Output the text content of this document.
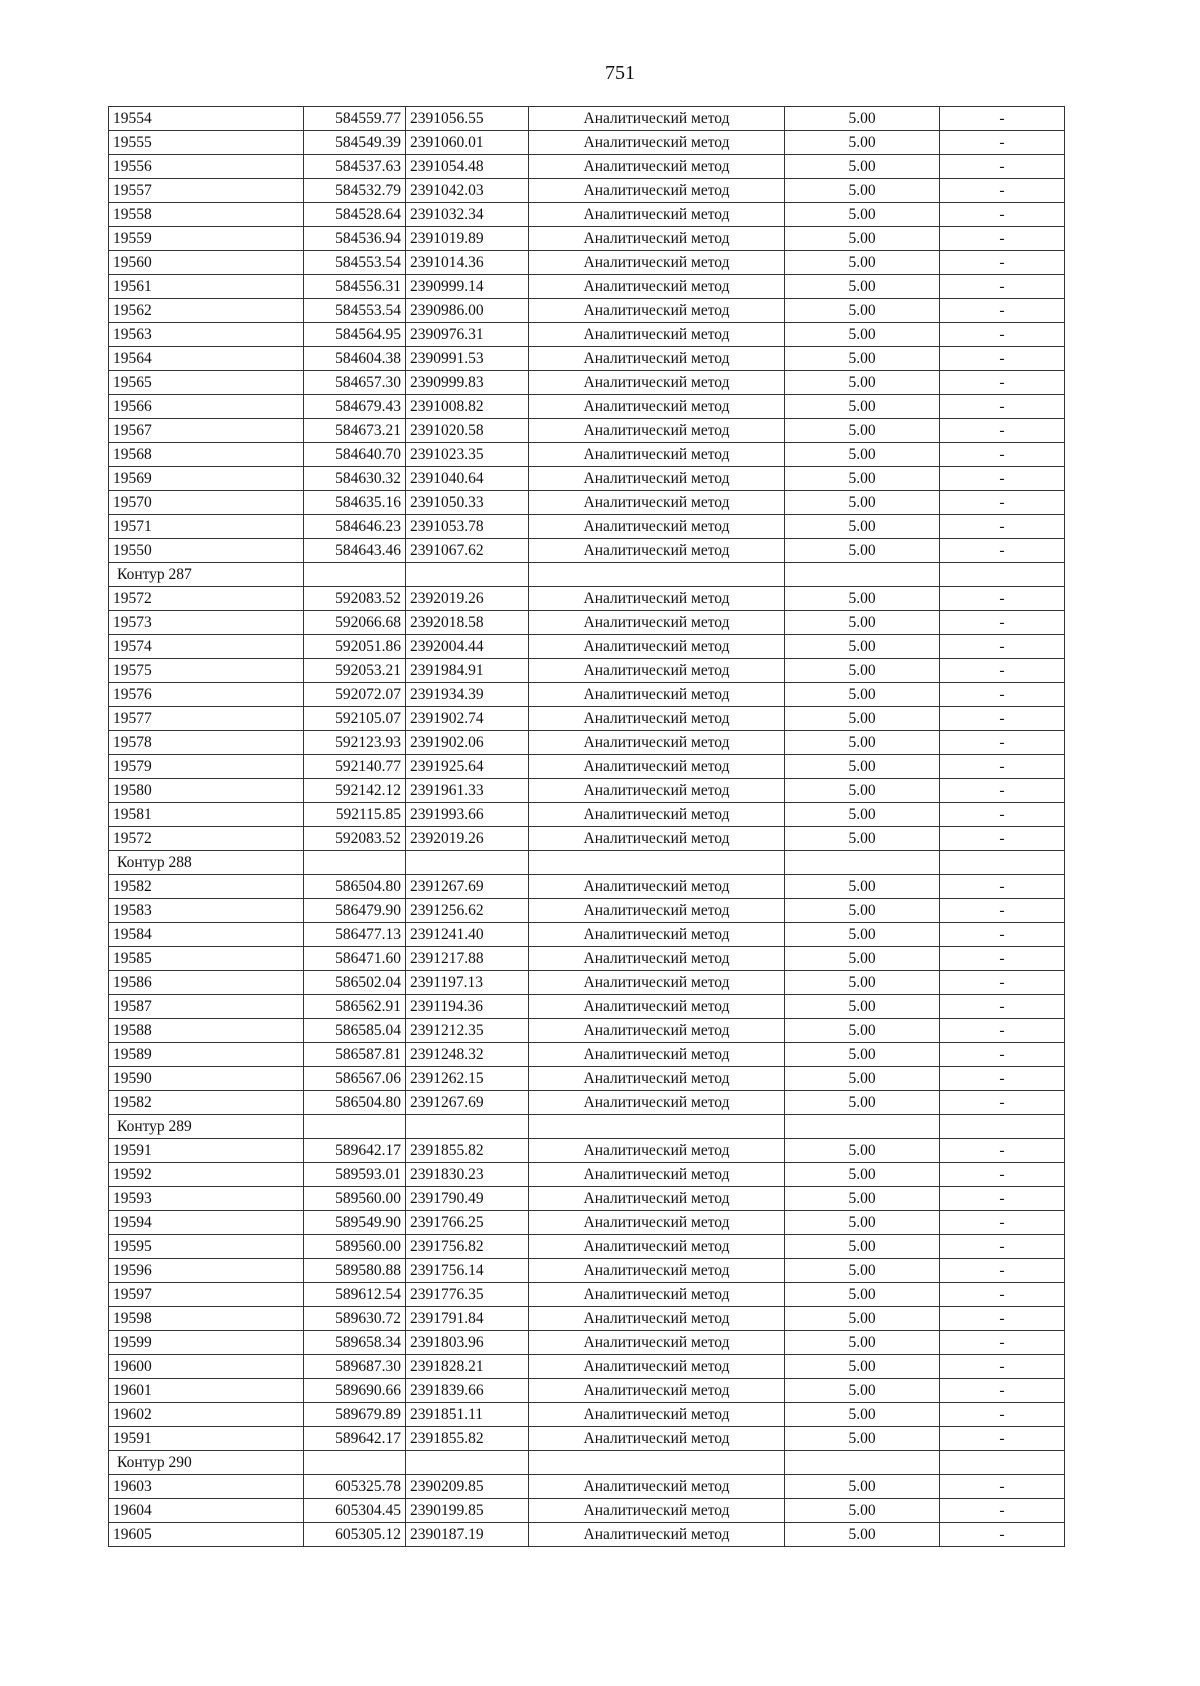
751
19554	584559.77	2391056.55	Аналитический метод	5.00	-
19555	584549.39	2391060.01	Аналитический метод	5.00	-
19556	584537.63	2391054.48	Аналитический метод	5.00	-
19557	584532.79	2391042.03	Аналитический метод	5.00	-
19558	584528.64	2391032.34	Аналитический метод	5.00	-
19559	584536.94	2391019.89	Аналитический метод	5.00	-
19560	584553.54	2391014.36	Аналитический метод	5.00	-
19561	584556.31	2390999.14	Аналитический метод	5.00	-
19562	584553.54	2390986.00	Аналитический метод	5.00	-
19563	584564.95	2390976.31	Аналитический метод	5.00	-
19564	584604.38	2390991.53	Аналитический метод	5.00	-
19565	584657.30	2390999.83	Аналитический метод	5.00	-
19566	584679.43	2391008.82	Аналитический метод	5.00	-
19567	584673.21	2391020.58	Аналитический метод	5.00	-
19568	584640.70	2391023.35	Аналитический метод	5.00	-
19569	584630.32	2391040.64	Аналитический метод	5.00	-
19570	584635.16	2391050.33	Аналитический метод	5.00	-
19571	584646.23	2391053.78	Аналитический метод	5.00	-
19550	584643.46	2391067.62	Аналитический метод	5.00	-
Контур 287					
19572	592083.52	2392019.26	Аналитический метод	5.00	-
19573	592066.68	2392018.58	Аналитический метод	5.00	-
19574	592051.86	2392004.44	Аналитический метод	5.00	-
19575	592053.21	2391984.91	Аналитический метод	5.00	-
19576	592072.07	2391934.39	Аналитический метод	5.00	-
19577	592105.07	2391902.74	Аналитический метод	5.00	-
19578	592123.93	2391902.06	Аналитический метод	5.00	-
19579	592140.77	2391925.64	Аналитический метод	5.00	-
19580	592142.12	2391961.33	Аналитический метод	5.00	-
19581	592115.85	2391993.66	Аналитический метод	5.00	-
19572	592083.52	2392019.26	Аналитический метод	5.00	-
Контур 288					
19582	586504.80	2391267.69	Аналитический метод	5.00	-
19583	586479.90	2391256.62	Аналитический метод	5.00	-
19584	586477.13	2391241.40	Аналитический метод	5.00	-
19585	586471.60	2391217.88	Аналитический метод	5.00	-
19586	586502.04	2391197.13	Аналитический метод	5.00	-
19587	586562.91	2391194.36	Аналитический метод	5.00	-
19588	586585.04	2391212.35	Аналитический метод	5.00	-
19589	586587.81	2391248.32	Аналитический метод	5.00	-
19590	586567.06	2391262.15	Аналитический метод	5.00	-
19582	586504.80	2391267.69	Аналитический метод	5.00	-
Контур 289					
19591	589642.17	2391855.82	Аналитический метод	5.00	-
19592	589593.01	2391830.23	Аналитический метод	5.00	-
19593	589560.00	2391790.49	Аналитический метод	5.00	-
19594	589549.90	2391766.25	Аналитический метод	5.00	-
19595	589560.00	2391756.82	Аналитический метод	5.00	-
19596	589580.88	2391756.14	Аналитический метод	5.00	-
19597	589612.54	2391776.35	Аналитический метод	5.00	-
19598	589630.72	2391791.84	Аналитический метод	5.00	-
19599	589658.34	2391803.96	Аналитический метод	5.00	-
19600	589687.30	2391828.21	Аналитический метод	5.00	-
19601	589690.66	2391839.66	Аналитический метод	5.00	-
19602	589679.89	2391851.11	Аналитический метод	5.00	-
19591	589642.17	2391855.82	Аналитический метод	5.00	-
Контур 290					
19603	605325.78	2390209.85	Аналитический метод	5.00	-
19604	605304.45	2390199.85	Аналитический метод	5.00	-
19605	605305.12	2390187.19	Аналитический метод	5.00	-
